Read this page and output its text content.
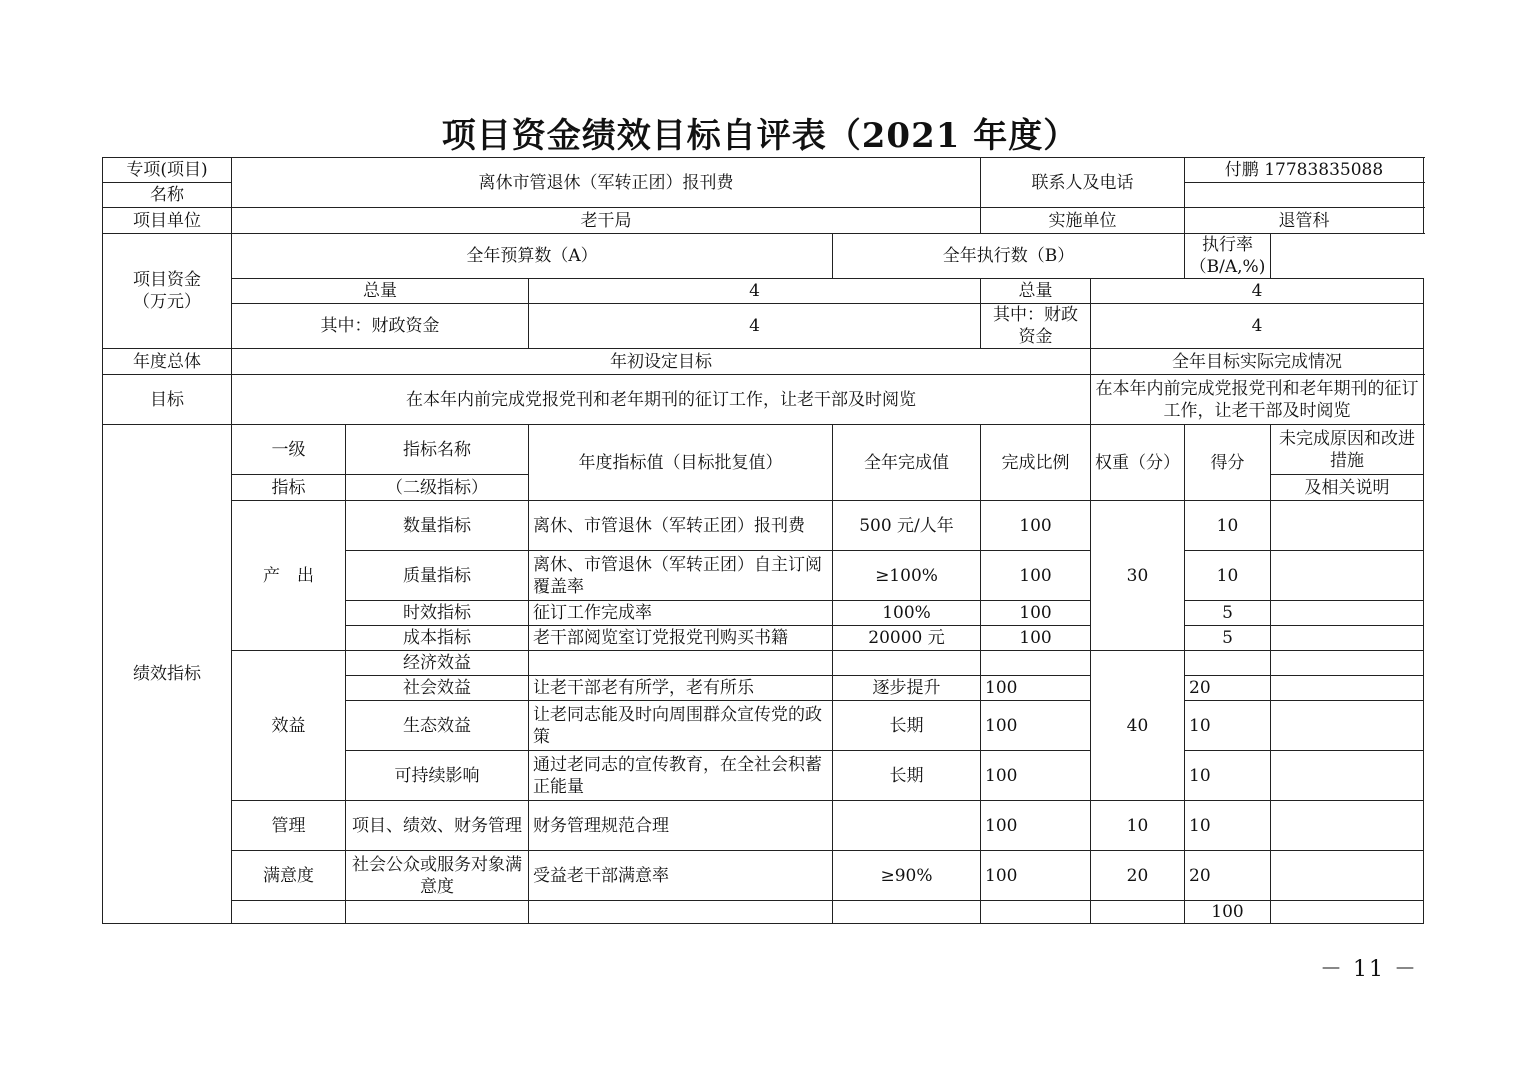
项目资金绩效目标自评表（2021 年度）
专项(项目)	离休市管退休（军转正团）报刊费				联系人及电话		付鹏 17783835088		
名称									
项目单位	老干局				实施单位		退管科		
项目资金
（万元）	全年预算数（A）			全年执行数（B）			执行率（B/A,%)		
	总量		4		总量	4	
	其中：财政资金		4		其中：财政资金	4	
年度总体	年初设定目标					全年目标实际完成情况			
目标	在本年内前完成党报党刊和老年期刊的征订工作，让老干部及时阅览					在本年内前完成党报党刊和老年期刊的征订工作，让老干部及时阅览			
绩效指标	一级	指标名称	年度指标值（目标批复值）	全年完成值	完成比例	权重（分）	得分	未完成原因和改进措施	
	指标	（二级指标）						及相关说明	
	产　出	数量指标	离休、市管退休（军转正团）报刊费	500 元/人年	100	30	10		
		质量指标	离休、市管退休（军转正团）自主订阅覆盖率	≥100%	100		10		
		时效指标	征订工作完成率	100%	100		5		
		成本指标	老干部阅览室订党报党刊购买书籍	20000 元	100		5		
	效益	经济效益				40			
		社会效益	让老干部老有所学，老有所乐	逐步提升	100		20		
		生态效益	让老同志能及时向周围群众宣传党的政策	长期	100		10		
		可持续影响	通过老同志的宣传教育，在全社会积蓄正能量	长期	100		10		
	管理	项目、绩效、财务管理	财务管理规范合理		100	10	10		
	满意度	社会公众或服务对象满意度	受益老干部满意率	≥90%	100	20	20		
							100		
－ 11 －
